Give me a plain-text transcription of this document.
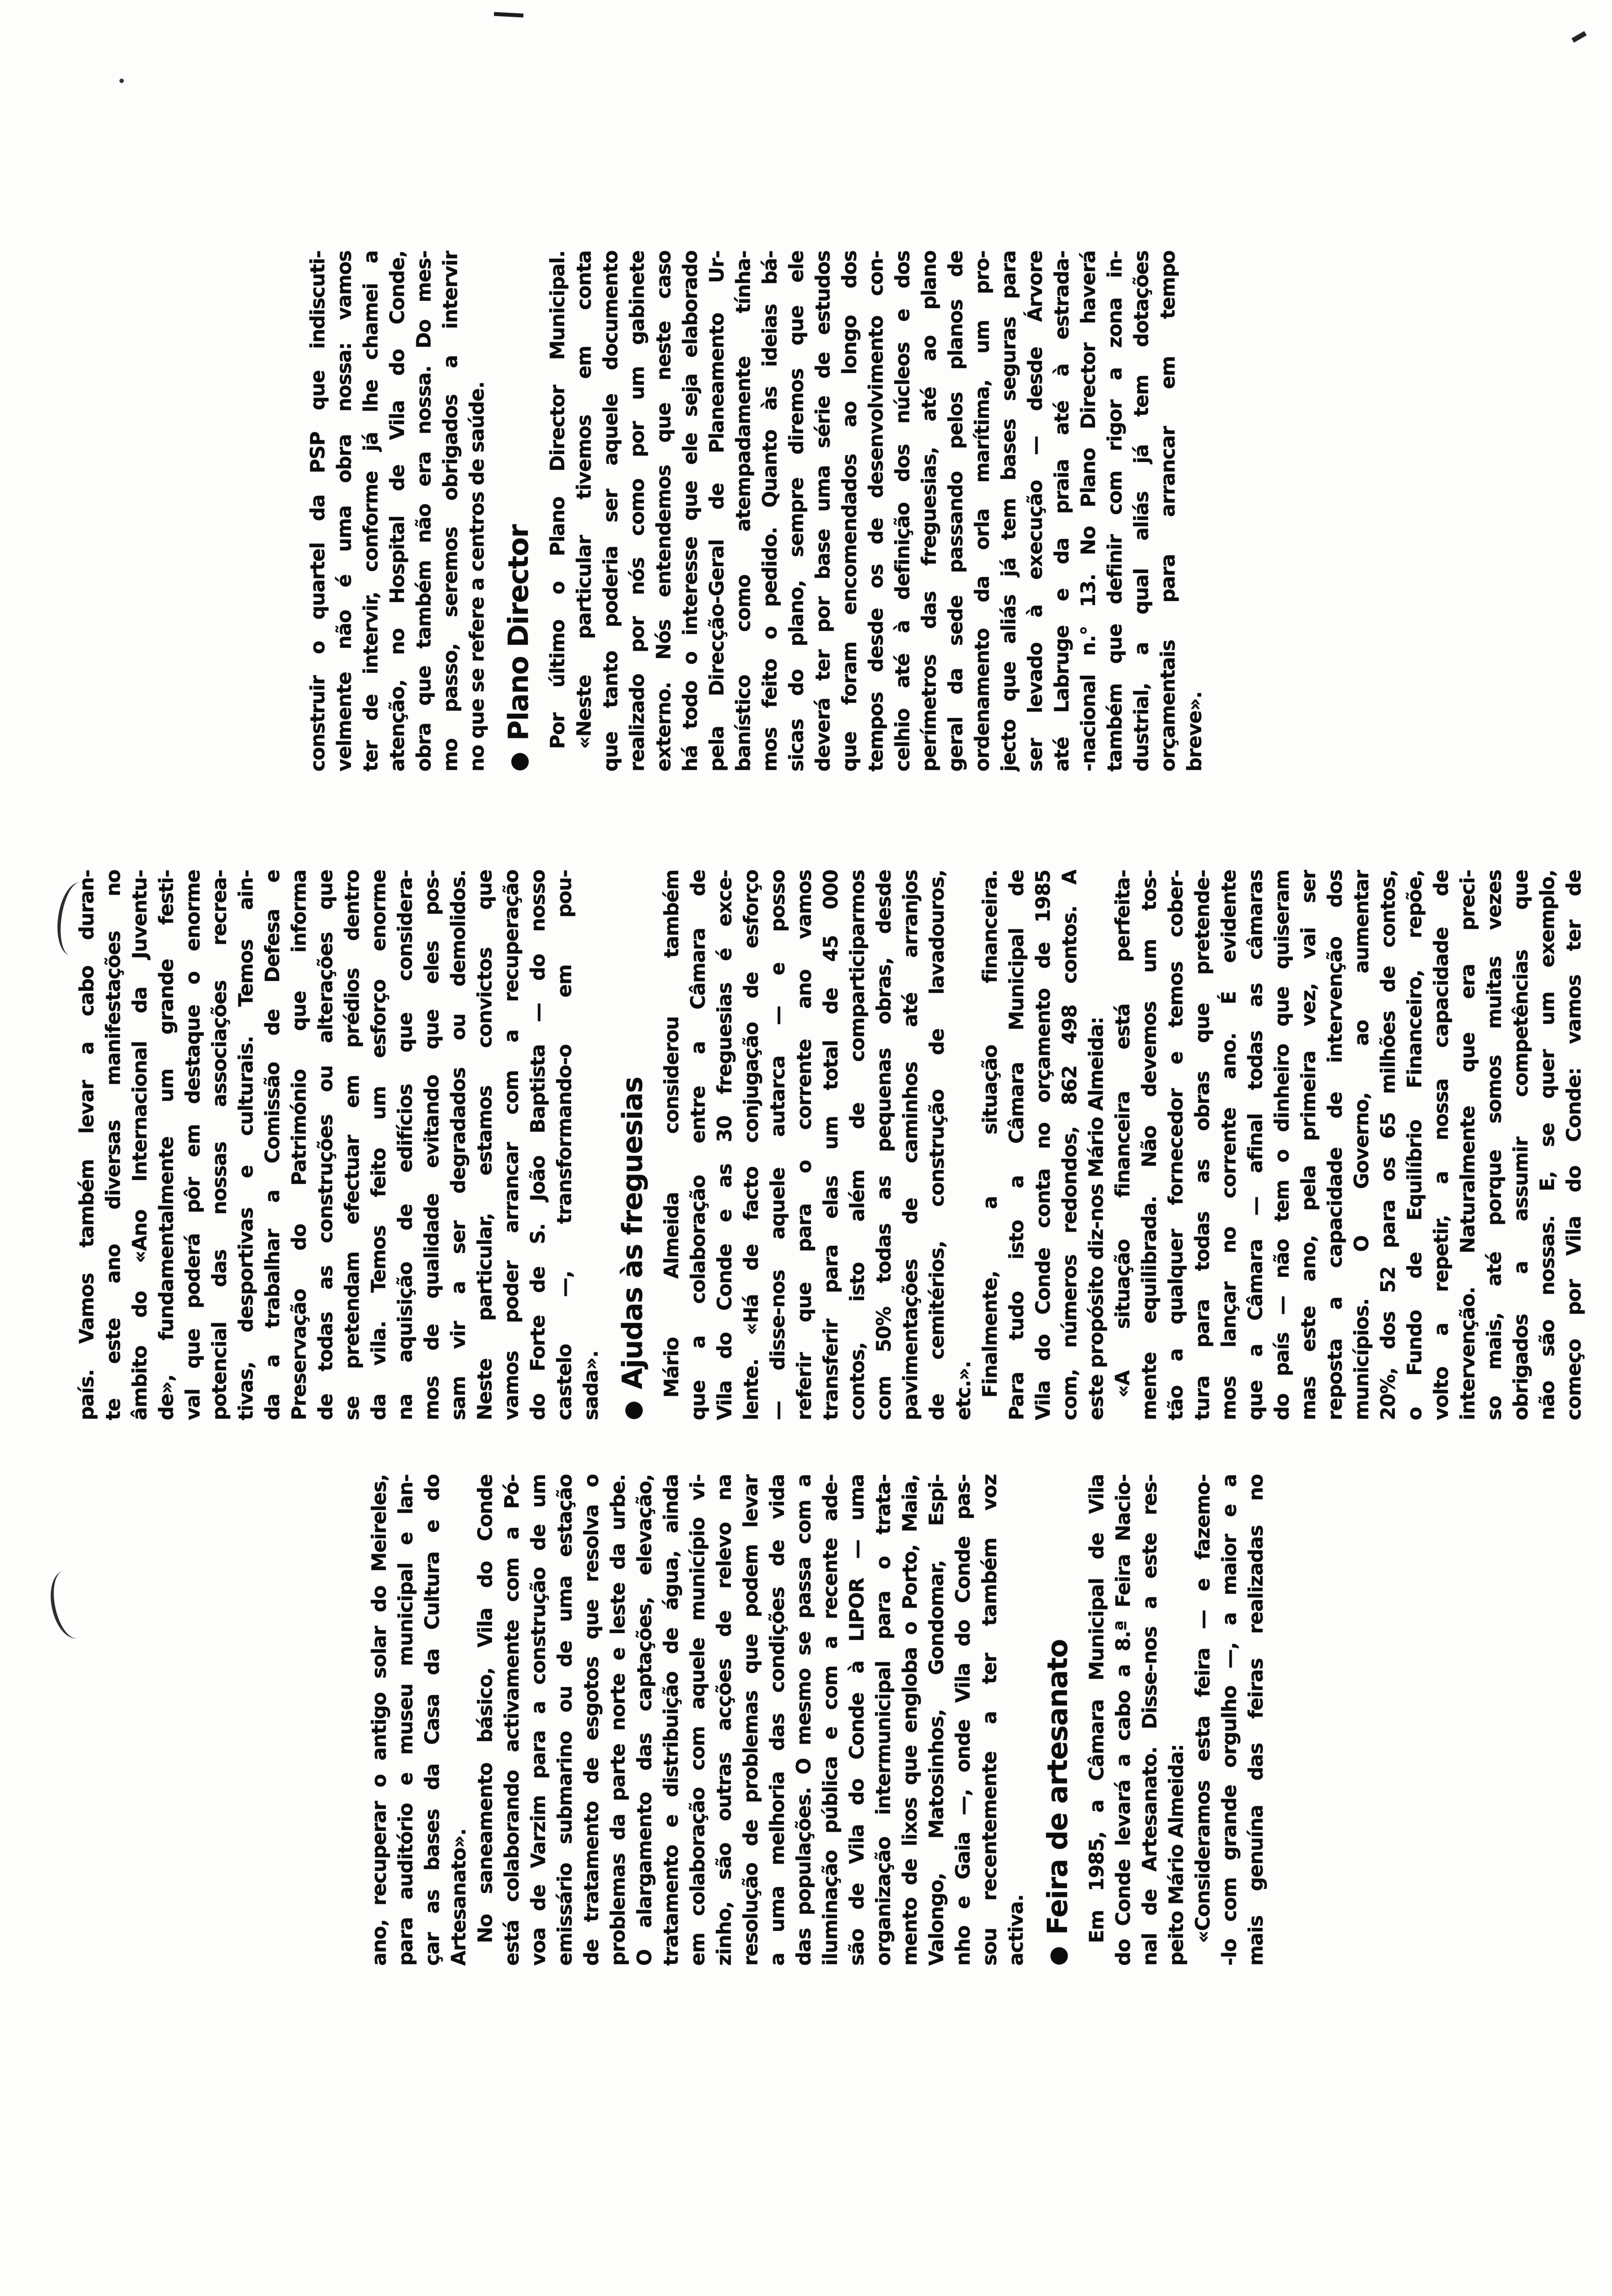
ano, recuperar o antigo solar do Meireles, para auditório e museu municipal e lan- çar as bases da Casa da Cultura e do Artesanato». No saneamento básico, Vila do Conde está colaborando activamente com a Pó- voa de Varzim para a construção de um emissário submarino ou de uma estação de tratamento de esgotos que resolva o problemas da parte norte e leste da urbe. O alargamento das captações, elevação, tratamento e distribuição de água, ainda em colaboração com aquele município vi- zinho, são outras acções de relevo na resolução de problemas que podem levar a uma melhoria das condições de vida das populações. O mesmo se passa com a iluminação pública e com a recente ade- são de Vila do Conde à LIPOR — uma organização intermunicipal para o trata- mento de lixos que engloba o Porto, Maia, Valongo, Matosinhos, Gondomar, Espi- nho e Gaia —, onde Vila do Conde pas- sou recentemente a ter também voz activa. ●Feira de artesanato Em 1985, a Câmara Municipal de Vila do Conde levará a cabo a 8.ª Feira Nacio- nal de Artesanato. Disse-nos a este res- peito Mário Almeida: «Consideramos esta feira — e fazemo- -lo com grande orgulho —, a maior e a mais genuína das feiras realizadas no
país. Vamos também levar a cabo duran- te este ano diversas manifestações no âmbito do «Ano Internacional da Juventu- de», fundamentalmente um grande festi- val que poderá pôr em destaque o enorme potencial das nossas associações recrea- tivas, desportivas e culturais. Temos ain- da a trabalhar a Comissão de Defesa e Preservação do Património que informa de todas as construções ou alterações que se pretendam efectuar em prédios dentro da vila. Temos feito um esforço enorme na aquisição de edifícios que considera- mos de qualidade evitando que eles pos- sam vir a ser degradados ou demolidos. Neste particular, estamos convictos que vamos poder arrancar com a recuperação do Forte de S. João Baptista — do nosso castelo —, transformando-o em pou- sada». ●Ajudas às freguesias Mário Almeida considerou também que a colaboração entre a Câmara de Vila do Conde e as 30 freguesias é exce- lente. «Há de facto conjugação de esforço — disse-nos aquele autarca — e posso referir que para o corrente ano vamos transferir para elas um total de 45 000 contos, isto além de comparticiparmos com 50% todas as pequenas obras, desde pavimentações de caminhos até arranjos de cemitérios, construção de lavadouros, etc.». Finalmente, a situação financeira. Para tudo isto a Câmara Municipal de Vila do Conde conta no orçamento de 1985 com, números redondos, 862 498 contos. A este propósito diz-nos Mário Almeida: «A situação financeira está perfeita- mente equilibrada. Não devemos um tos- tão a qualquer fornecedor e temos cober- tura para todas as obras que pretende- mos lançar no corrente ano. É evidente que a Câmara — afinal todas as câmaras do país — não tem o dinheiro que quiseram mas este ano, pela primeira vez, vai ser reposta a capacidade de intervenção dos municípios. O Governo, ao aumentar 20%, dos 52 para os 65 milhões de contos, o Fundo de Equilíbrio Financeiro, repõe, volto a repetir, a nossa capacidade de intervenção. Naturalmente que era preci- so mais, até porque somos muitas vezes obrigados a assumir competências que não são nossas. E, se quer um exemplo, começo por Vila do Conde: vamos ter de
construir o quartel da PSP que indiscuti- velmente não é uma obra nossa: vamos ter de intervir, conforme já lhe chamei a atenção, no Hospital de Vila do Conde, obra que também não era nossa. Do mes- mo passo, seremos obrigados a intervir no que se refere a centros de saúde. ●Plano Director Por último o Plano Director Municipal. «Neste particular tivemos em conta que tanto poderia ser aquele documento realizado por nós como por um gabinete externo. Nós entendemos que neste caso há todo o interesse que ele seja elaborado pela Direcção-Geral de Planeamento Ur- banístico como atempadamente tínha- mos feito o pedido. Quanto às ideias bá- sicas do plano, sempre diremos que ele deverá ter por base uma série de estudos que foram encomendados ao longo dos tempos desde os de desenvolvimento con- celhio até à definição dos núcleos e dos perímetros das freguesias, até ao plano geral da sede passando pelos planos de ordenamento da orla marítima, um pro- jecto que aliás já tem bases seguras para ser levado à execução — desde Árvore até Labruge e da praia até à estrada- -nacional n.° 13. No Plano Director haverá também que definir com rigor a zona in- dustrial, a qual aliás já tem dotações orçamentais para arrancar em tempo breve».
